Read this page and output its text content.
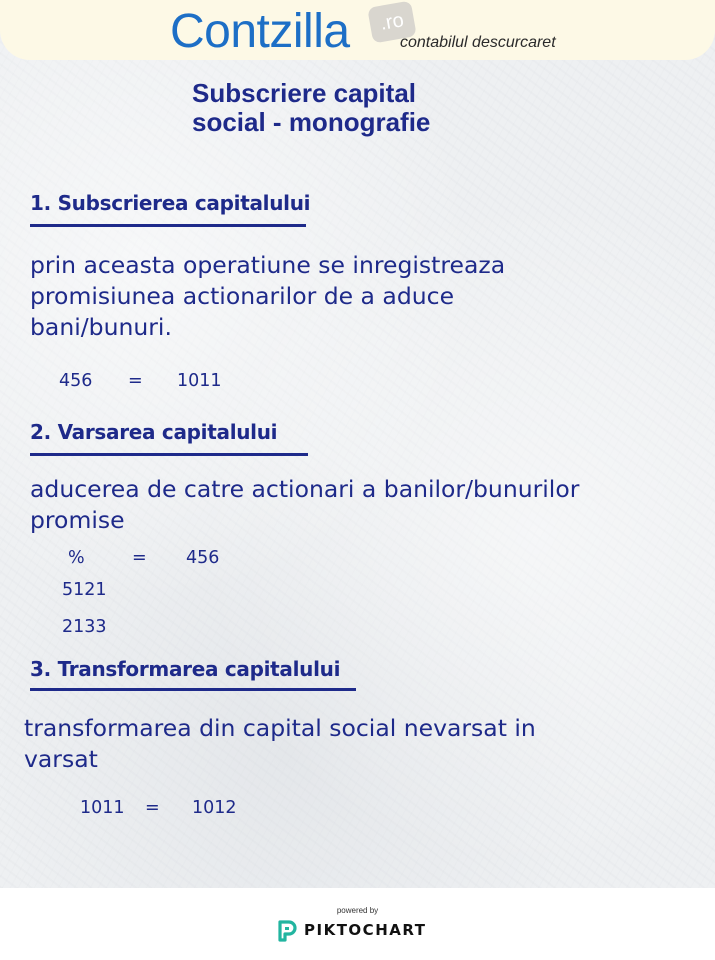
Contzilla	.ro
contabilul descurcaret
Subscriere capital
social - monografie
1. Subscrierea capitalului
prin aceasta operatiune se inregistreaza
promisiunea actionarilor de a aduce
bani/bunuri.
456 = 1011
2. Varsarea capitalului
aducerea de catre actionari a banilor/bunurilor
promise
%	= 456
5121
2133
3. Transformarea capitalului
transformarea din capital social nevarsat in
varsat
1011 = 1012
powered by
PIKTOCHART
